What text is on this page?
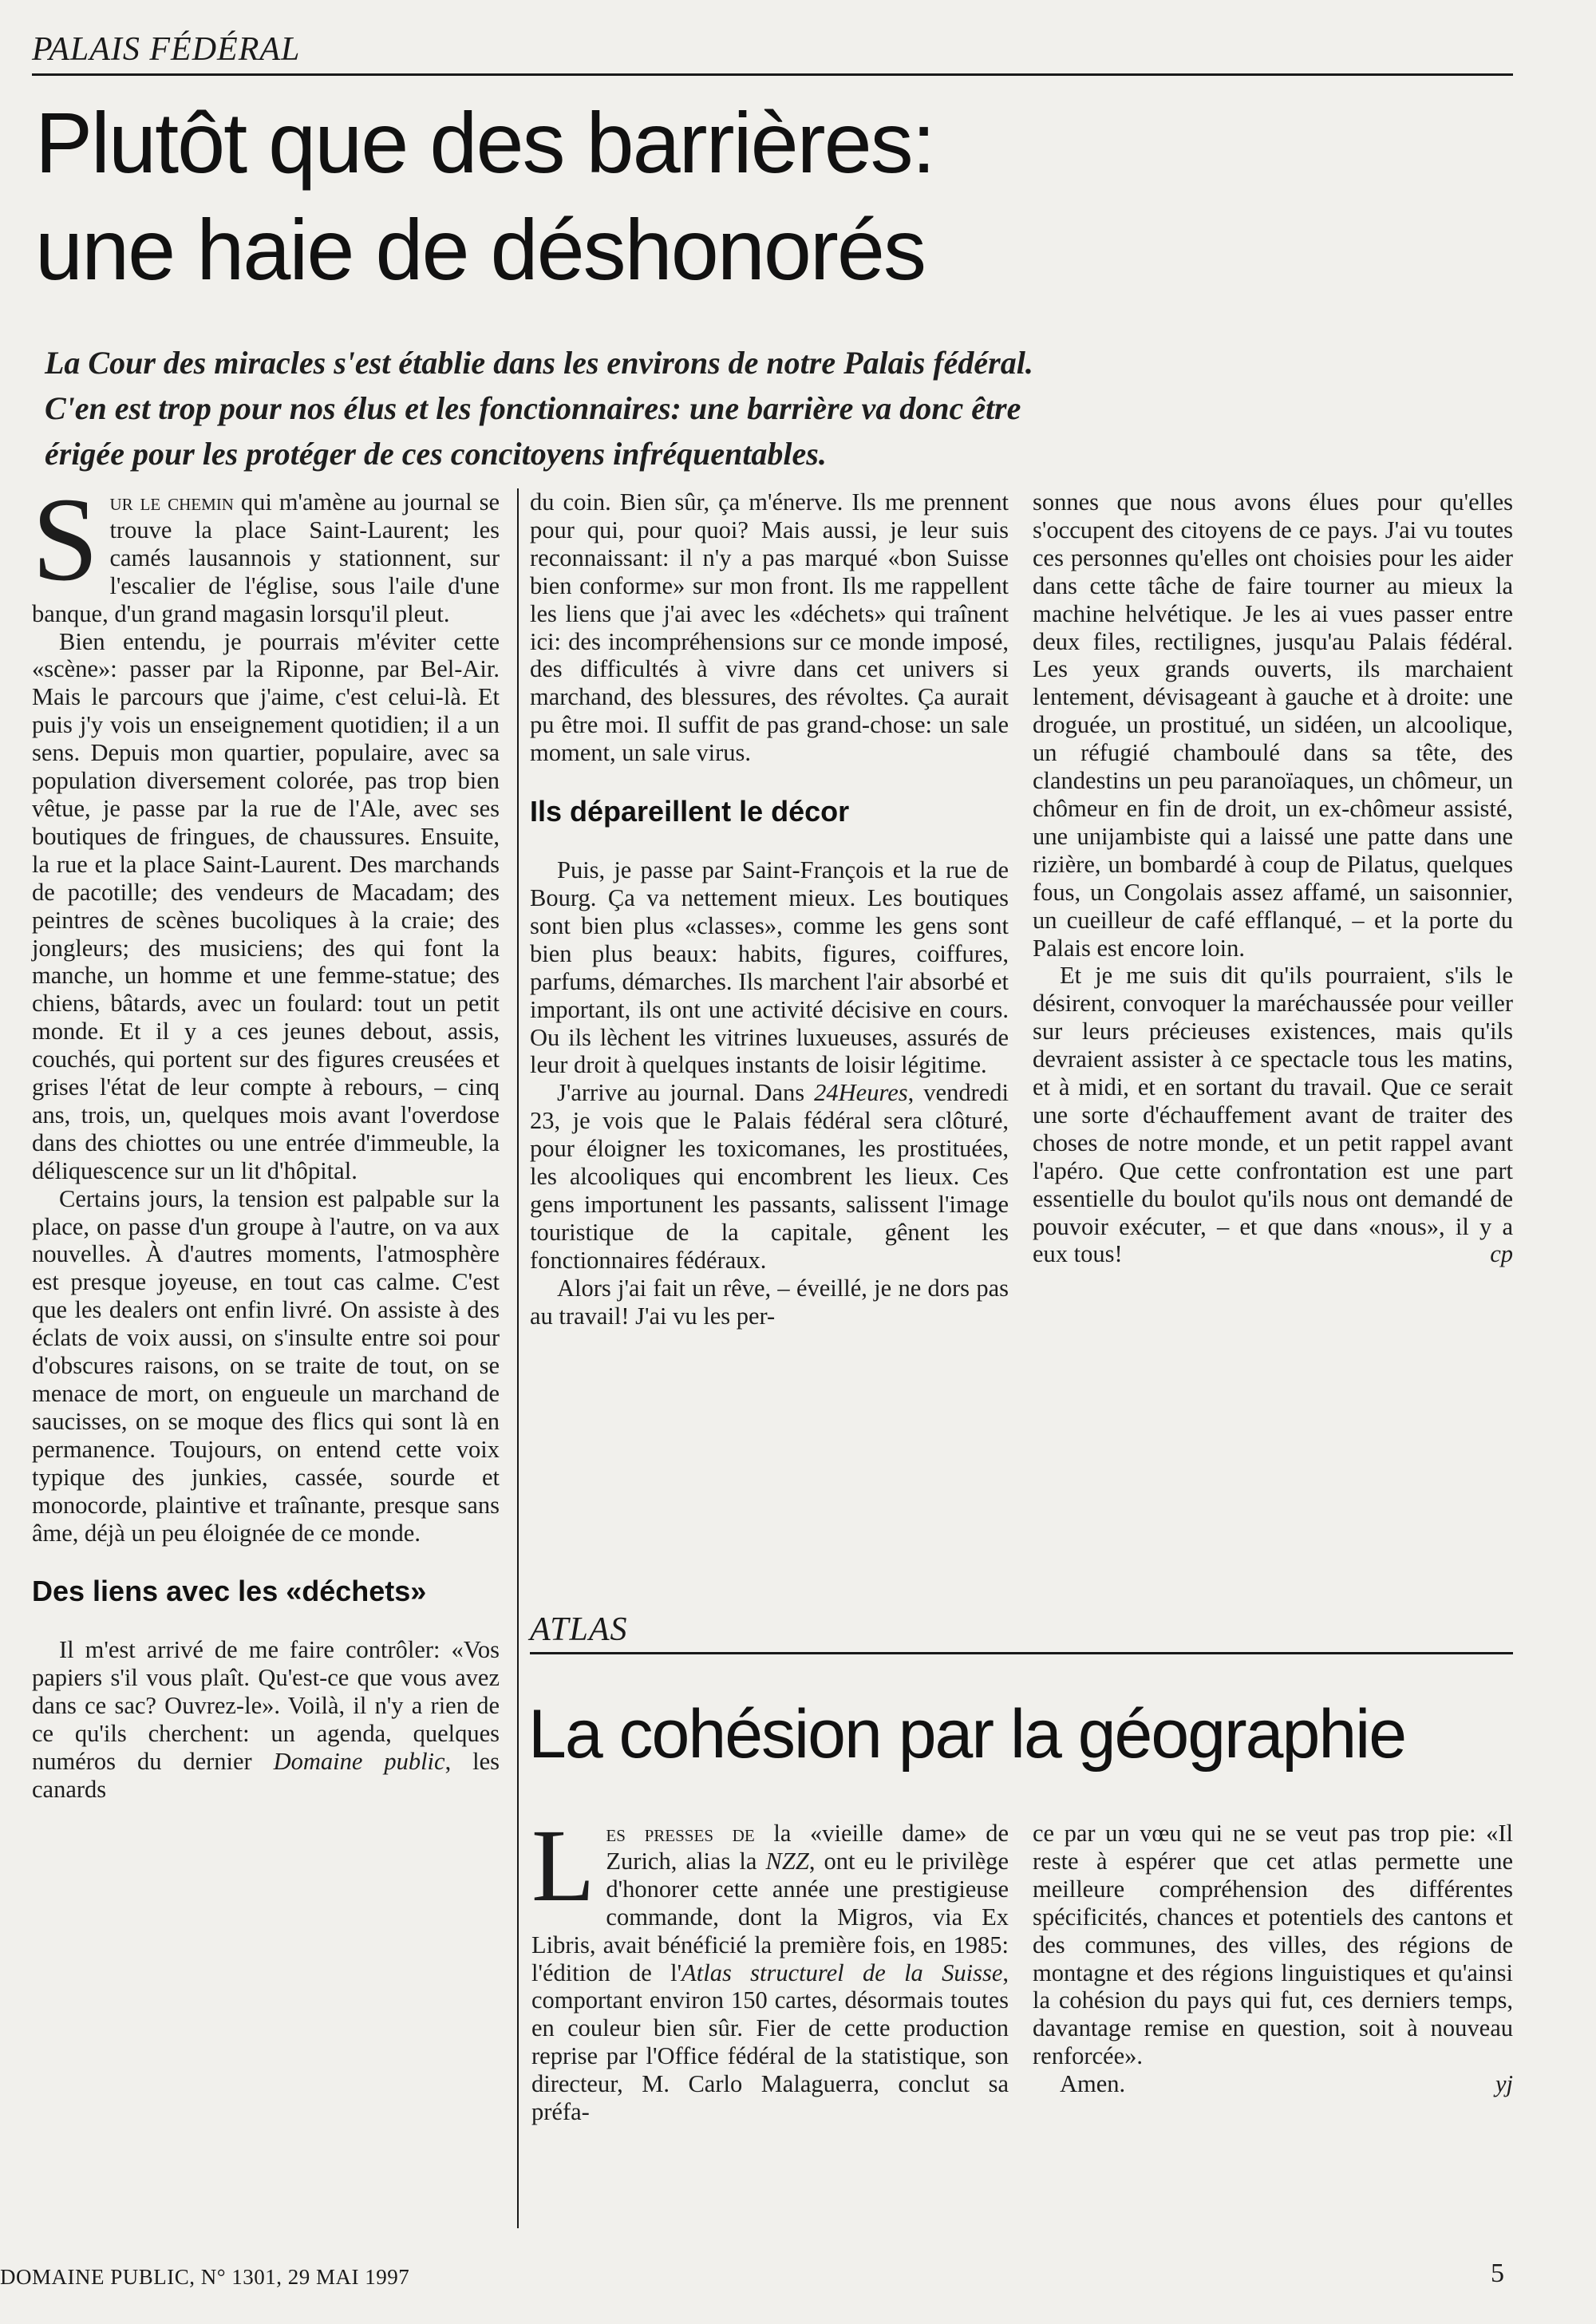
PALAIS FÉDÉRAL

Plutôt que des barrières:
une haie de déshonorés
La Cour des miracles s'est établie dans les environs de notre Palais fédéral.
C'en est trop pour nos élus et les fonctionnaires: une barrière va donc être
érigée pour les protéger de ces concitoyens infréquentables.

Sur le chemin qui m'amène au journal se trouve la place Saint-Laurent; les camés lausannois y stationnent, sur l'escalier de l'église, sous l'aile d'une banque, d'un grand magasin lorsqu'il pleut.

Bien entendu, je pourrais m'éviter cette «scène»: passer par la Riponne, par Bel-Air. Mais le parcours que j'aime, c'est celui-là. Et puis j'y vois un enseignement quotidien; il a un sens. Depuis mon quartier, populaire, avec sa population diversement colorée, pas trop bien vêtue, je passe par la rue de l'Ale, avec ses boutiques de fringues, de chaussures. Ensuite, la rue et la place Saint-Laurent. Des marchands de pacotille; des vendeurs de Macadam; des peintres de scènes bucoliques à la craie; des jongleurs; des musiciens; des qui font la manche, un homme et une femme-statue; des chiens, bâtards, avec un foulard: tout un petit monde. Et il y a ces jeunes debout, assis, couchés, qui portent sur des figures creusées et grises l'état de leur compte à rebours, – cinq ans, trois, un, quelques mois avant l'overdose dans des chiottes ou une entrée d'immeuble, la déliquescence sur un lit d'hôpital.

Certains jours, la tension est palpable sur la place, on passe d'un groupe à l'autre, on va aux nouvelles. À d'autres moments, l'atmosphère est presque joyeuse, en tout cas calme. C'est que les dealers ont enfin livré. On assiste à des éclats de voix aussi, on s'insulte entre soi pour d'obscures raisons, on se traite de tout, on se menace de mort, on engueule un marchand de saucisses, on se moque des flics qui sont là en permanence. Toujours, on entend cette voix typique des junkies, cassée, sourde et monocorde, plaintive et traînante, presque sans âme, déjà un peu éloignée de ce monde.

Des liens avec les «déchets»

Il m'est arrivé de me faire contrôler: «Vos papiers s'il vous plaît. Qu'est-ce que vous avez dans ce sac? Ouvrez-le». Voilà, il n'y a rien de ce qu'ils cherchent: un agenda, quelques numéros du dernier Domaine public, les canards

du coin. Bien sûr, ça m'énerve. Ils me prennent pour qui, pour quoi? Mais aussi, je leur suis reconnaissant: il n'y a pas marqué «bon Suisse bien conforme» sur mon front. Ils me rappellent les liens que j'ai avec les «déchets» qui traînent ici: des incompréhensions sur ce monde imposé, des difficultés à vivre dans cet univers si marchand, des blessures, des révoltes. Ça aurait pu être moi. Il suffit de pas grand-chose: un sale moment, un sale virus.

Ils dépareillent le décor

Puis, je passe par Saint-François et la rue de Bourg. Ça va nettement mieux. Les boutiques sont bien plus «classes», comme les gens sont bien plus beaux: habits, figures, coiffures, parfums, démarches. Ils marchent l'air absorbé et important, ils ont une activité décisive en cours. Ou ils lèchent les vitrines luxueuses, assurés de leur droit à quelques instants de loisir légitime.

J'arrive au journal. Dans 24Heures, vendredi 23, je vois que le Palais fédéral sera clôturé, pour éloigner les toxicomanes, les prostituées, les alcooliques qui encombrent les lieux. Ces gens importunent les passants, salissent l'image touristique de la capitale, gênent les fonctionnaires fédéraux.

Alors j'ai fait un rêve, – éveillé, je ne dors pas au travail! J'ai vu les per-

sonnes que nous avons élues pour qu'elles s'occupent des citoyens de ce pays. J'ai vu toutes ces personnes qu'elles ont choisies pour les aider dans cette tâche de faire tourner au mieux la machine helvétique. Je les ai vues passer entre deux files, rectilignes, jusqu'au Palais fédéral. Les yeux grands ouverts, ils marchaient lentement, dévisageant à gauche et à droite: une droguée, un prostitué, un sidéen, un alcoolique, un réfugié chamboulé dans sa tête, des clandestins un peu paranoïaques, un chômeur, un chômeur en fin de droit, un ex-chômeur assisté, une unijambiste qui a laissé une patte dans une rizière, un bombardé à coup de Pilatus, quelques fous, un Congolais assez affamé, un saisonnier, un cueilleur de café efflanqué, – et la porte du Palais est encore loin.

Et je me suis dit qu'ils pourraient, s'ils le désirent, convoquer la maréchaussée pour veiller sur leurs précieuses existences, mais qu'ils devraient assister à ce spectacle tous les matins, et à midi, et en sortant du travail. Que ce serait une sorte d'échauffement avant de traiter des choses de notre monde, et un petit rappel avant l'apéro. Que cette confrontation est une part essentielle du boulot qu'ils nous ont demandé de pouvoir exécuter, – et que dans «nous», il y a eux tous!	cp

ATLAS

La cohésion par la géographie

Les presses de la «vieille dame» de Zurich, alias la NZZ, ont eu le privilège d'honorer cette année une prestigieuse commande, dont la Migros, via Ex Libris, avait bénéficié la première fois, en 1985: l'édition de l'Atlas structurel de la Suisse, comportant environ 150 cartes, désormais toutes en couleur bien sûr. Fier de cette production reprise par l'Office fédéral de la statistique, son directeur, M. Carlo Malaguerra, conclut sa préfa-

ce par un vœu qui ne se veut pas trop pie: «Il reste à espérer que cet atlas permette une meilleure compréhension des différentes spécificités, chances et potentiels des cantons et des communes, des villes, des régions de montagne et des régions linguistiques et qu'ainsi la cohésion du pays qui fut, ces derniers temps, davantage remise en question, soit à nouveau renforcée».

Amen.	yj

DOMAINE PUBLIC, N° 1301, 29 MAI 1997	5
